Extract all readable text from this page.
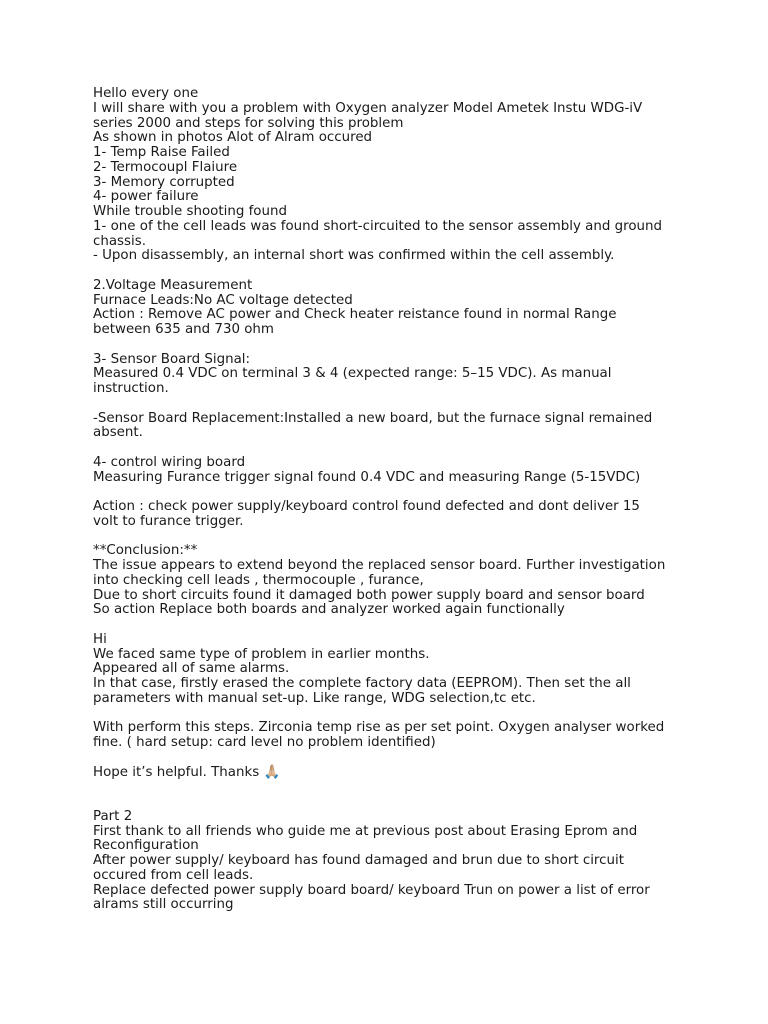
Hello every one
I will share with you a problem with Oxygen analyzer Model Ametek Instu WDG-iV
series 2000 and steps for solving this problem
As shown in photos Alot of Alram occured
1- Temp Raise Failed
2- Termocoupl Flaiure
3- Memory corrupted
4- power failure
While trouble shooting found
1- one of the cell leads was found short-circuited to the sensor assembly and ground
chassis.
- Upon disassembly, an internal short was confirmed within the cell assembly.
2.Voltage Measurement
Furnace Leads:No AC voltage detected
Action : Remove AC power and Check heater reistance found in normal Range
between 635 and 730 ohm
3- Sensor Board Signal:
Measured 0.4 VDC on terminal 3 & 4 (expected range: 5–15 VDC). As manual
instruction.
-Sensor Board Replacement:Installed a new board, but the furnace signal remained
absent.
4- control wiring board
Measuring Furance trigger signal found 0.4 VDC and measuring Range (5-15VDC)
Action : check power supply/keyboard control found defected and dont deliver 15
volt to furance trigger.
**Conclusion:**
The issue appears to extend beyond the replaced sensor board. Further investigation
into checking cell leads , thermocouple , furance,
Due to short circuits found it damaged both power supply board and sensor board
So action Replace both boards and analyzer worked again functionally
Hi
We faced same type of problem in earlier months.
Appeared all of same alarms.
In that case, firstly erased the complete factory data (EEPROM). Then set the all
parameters with manual set-up. Like range, WDG selection,tc etc.
With perform this steps. Zirconia temp rise as per set point. Oxygen analyser worked
fine. ( hard setup: card level no problem identified)
Hope it’s helpful. Thanks 🙏🏼
Part 2
First thank to all friends who guide me at previous post about Erasing Eprom and
Reconfiguration
After power supply/ keyboard has found damaged and brun due to short circuit
occured from cell leads.
Replace defected power supply board board/ keyboard Trun on power a list of error
alrams still occurring
